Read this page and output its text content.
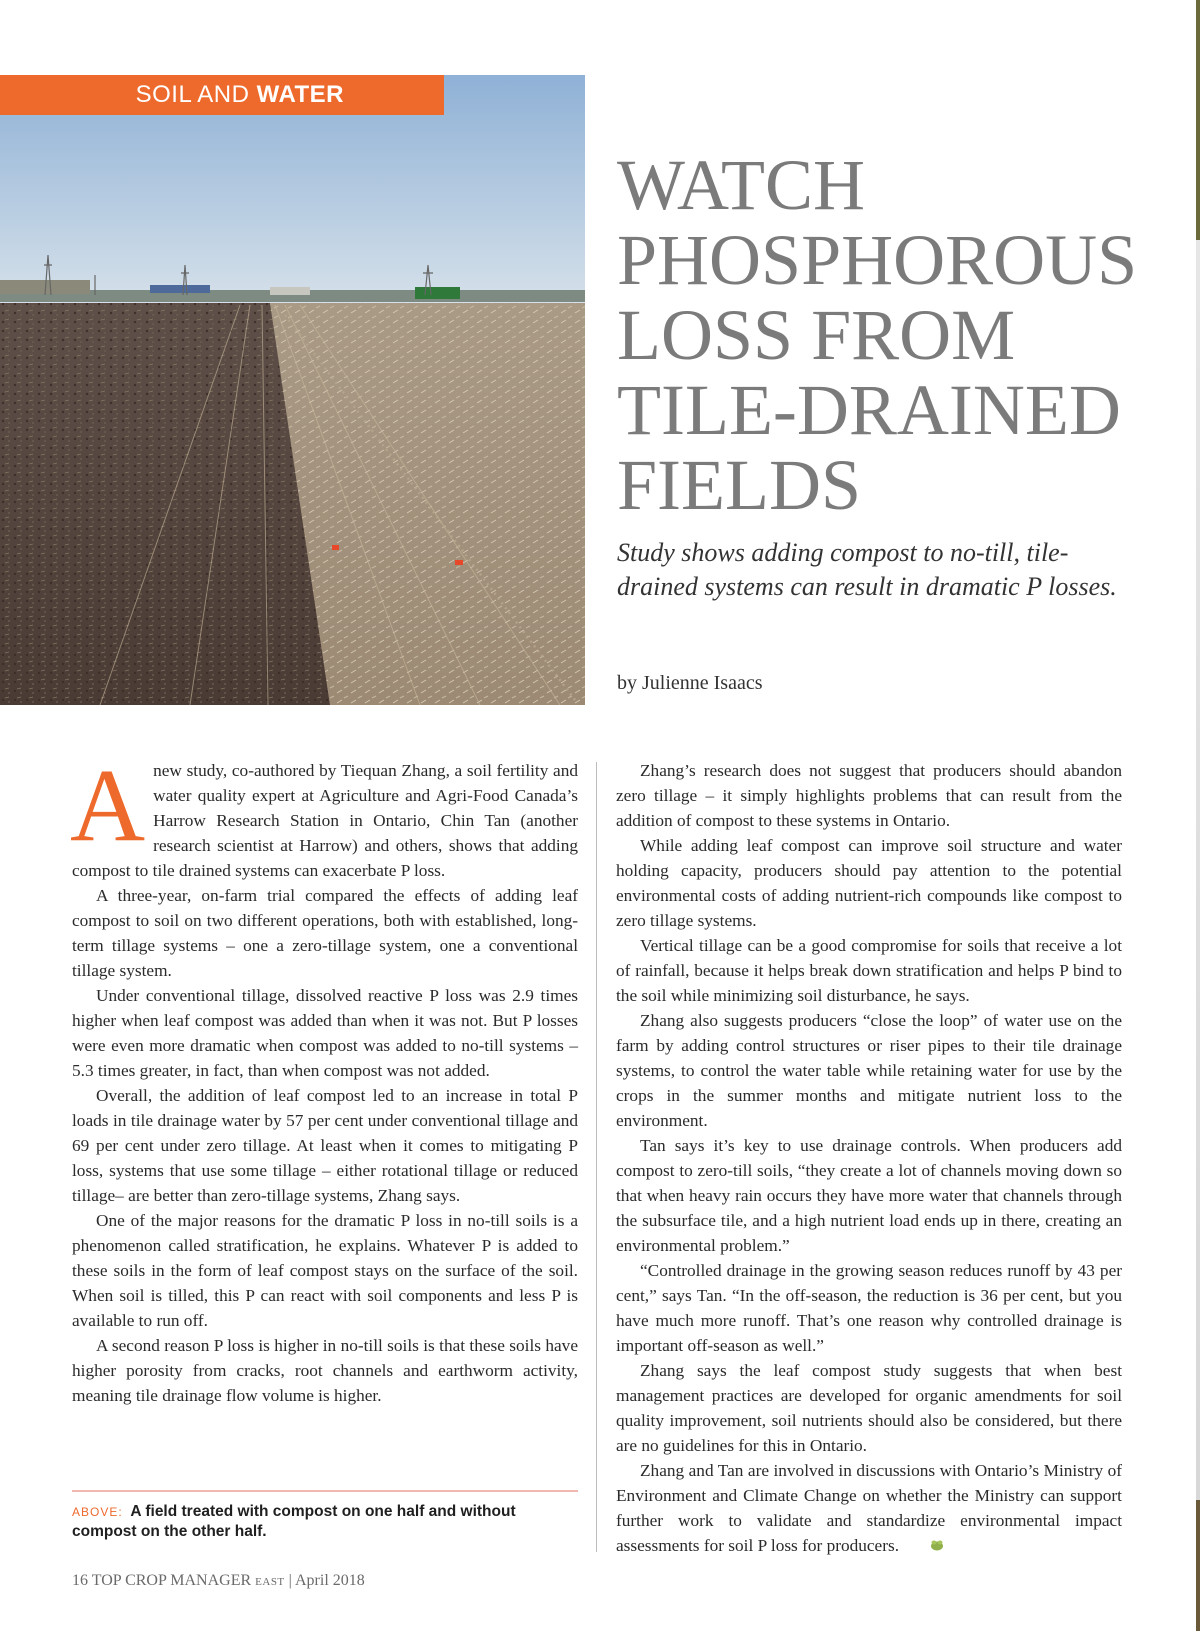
SOIL AND WATER
WATCH
PHOSPHOROUS
LOSS FROM
TILE-DRAINED
FIELDS

Study shows adding compost to no-till, tile-
drained systems can result in dramatic P losses.

by Julienne Isaacs

Anew study, co-authored by Tiequan Zhang, a soil fertility and water quality expert at Agriculture and Agri-Food Canada’s Harrow Research Station in Ontario, Chin Tan (another research scientist at Harrow) and others, shows that adding compost to tile drained systems can exacerbate P loss.

A three-year, on-farm trial compared the effects of adding leaf compost to soil on two different operations, both with established, long-term tillage systems – one a zero-tillage system, one a conventional tillage system.

Under conventional tillage, dissolved reactive P loss was 2.9 times higher when leaf compost was added than when it was not. But P losses were even more dramatic when compost was added to no-till systems – 5.3 times greater, in fact, than when compost was not added.

Overall, the addition of leaf compost led to an increase in total P loads in tile drainage water by 57 per cent under conventional tillage and 69 per cent under zero tillage. At least when it comes to mitigating P loss, systems that use some tillage – either rotational tillage or reduced tillage– are better than zero-tillage systems, Zhang says.

One of the major reasons for the dramatic P loss in no-till soils is a phenomenon called stratification, he explains. Whatever P is added to these soils in the form of leaf compost stays on the surface of the soil. When soil is tilled, this P can react with soil components and less P is available to run off.

A second reason P loss is higher in no-till soils is that these soils have higher porosity from cracks, root channels and earthworm activity, meaning tile drainage flow volume is higher.

Zhang’s research does not suggest that producers should abandon zero tillage – it simply highlights problems that can result from the addition of compost to these systems in Ontario.

While adding leaf compost can improve soil structure and water holding capacity, producers should pay attention to the potential environmental costs of adding nutrient-rich compounds like compost to zero tillage systems.

Vertical tillage can be a good compromise for soils that receive a lot of rainfall, because it helps break down stratification and helps P bind to the soil while minimizing soil disturbance, he says.

Zhang also suggests producers “close the loop” of water use on the farm by adding control structures or riser pipes to their tile drainage systems, to control the water table while retaining water for use by the crops in the summer months and mitigate nutrient loss to the environment.

Tan says it’s key to use drainage controls. When producers add compost to zero-till soils, “they create a lot of channels moving down so that when heavy rain occurs they have more water that channels through the subsurface tile, and a high nutrient load ends up in there, creating an environmental problem.”

“Controlled drainage in the growing season reduces runoff by 43 per cent,” says Tan. “In the off-season, the reduction is 36 per cent, but you have much more runoff. That’s one reason why controlled drainage is important off-season as well.”

Zhang says the leaf compost study suggests that when best management practices are developed for organic amendments for soil quality improvement, soil nutrients should also be considered, but there are no guidelines for this in Ontario.

Zhang and Tan are involved in discussions with Ontario’s Ministry of Environment and Climate Change on whether the Ministry can support further work to validate and standardize environmental impact assessments for soil P loss for producers.

ABOVE: A field treated with compost on one half and without compost on the other half.
16 TOP CROP MANAGER EAST | April 2018
